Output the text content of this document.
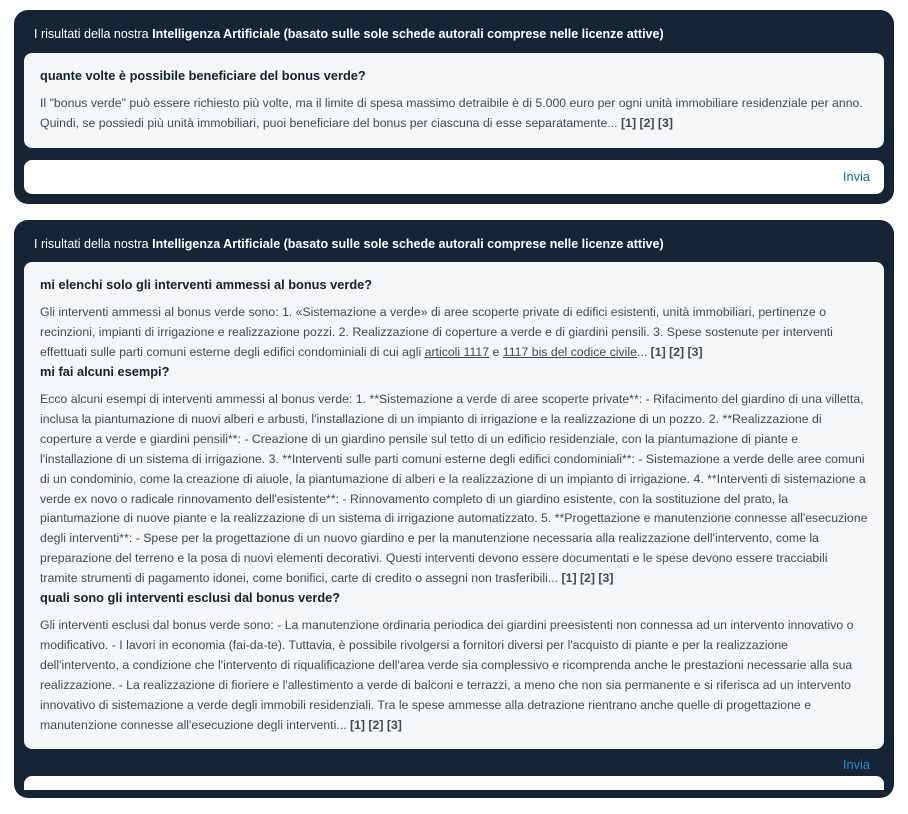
I risultati della nostra Intelligenza Artificiale (basato sulle sole schede autorali comprese nelle licenze attive)

quante volte è possibile beneficiare del bonus verde?

Il "bonus verde" può essere richiesto più volte, ma il limite di spesa massimo detraibile è di 5.000 euro per ogni unità immobiliare residenziale per anno. Quindi, se possiedi più unità immobiliari, puoi beneficiare del bonus per ciascuna di esse separatamente... [1] [2] [3]

Invia
I risultati della nostra Intelligenza Artificiale (basato sulle sole schede autorali comprese nelle licenze attive)

mi elenchi solo gli interventi ammessi al bonus verde?

Gli interventi ammessi al bonus verde sono: 1. «Sistemazione a verde» di aree scoperte private di edifici esistenti, unità immobiliari, pertinenze o recinzioni, impianti di irrigazione e realizzazione pozzi. 2. Realizzazione di coperture a verde e di giardini pensili. 3. Spese sostenute per interventi effettuati sulle parti comuni esterne degli edifici condominiali di cui agli articoli 1117 e 1117 bis del codice civile... [1] [2] [3]

mi fai alcuni esempi?

Ecco alcuni esempi di interventi ammessi al bonus verde: 1. **Sistemazione a verde di aree scoperte private**: - Rifacimento del giardino di una villetta, inclusa la piantumazione di nuovi alberi e arbusti, l'installazione di un impianto di irrigazione e la realizzazione di un pozzo. 2. **Realizzazione di coperture a verde e giardini pensili**: - Creazione di un giardino pensile sul tetto di un edificio residenziale, con la piantumazione di piante e l'installazione di un sistema di irrigazione. 3. **Interventi sulle parti comuni esterne degli edifici condominiali**: - Sistemazione a verde delle aree comuni di un condominio, come la creazione di aiuole, la piantumazione di alberi e la realizzazione di un impianto di irrigazione. 4. **Interventi di sistemazione a verde ex novo o radicale rinnovamento dell'esistente**: - Rinnovamento completo di un giardino esistente, con la sostituzione del prato, la piantumazione di nuove piante e la realizzazione di un sistema di irrigazione automatizzato. 5. **Progettazione e manutenzione connesse all'esecuzione degli interventi**: - Spese per la progettazione di un nuovo giardino e per la manutenzione necessaria alla realizzazione dell'intervento, come la preparazione del terreno e la posa di nuovi elementi decorativi. Questi interventi devono essere documentati e le spese devono essere tracciabili tramite strumenti di pagamento idonei, come bonifici, carte di credito o assegni non trasferibili... [1] [2] [3]

quali sono gli interventi esclusi dal bonus verde?

Gli interventi esclusi dal bonus verde sono: - La manutenzione ordinaria periodica dei giardini preesistenti non connessa ad un intervento innovativo o modificativo. - I lavori in economia (fai-da-te). Tuttavia, è possibile rivolgersi a fornitori diversi per l'acquisto di piante e per la realizzazione dell'intervento, a condizione che l'intervento di riqualificazione dell'area verde sia complessivo e ricomprenda anche le prestazioni necessarie alla sua realizzazione. - La realizzazione di fioriere e l'allestimento a verde di balconi e terrazzi, a meno che non sia permanente e si riferisca ad un intervento innovativo di sistemazione a verde degli immobili residenziali. Tra le spese ammesse alla detrazione rientrano anche quelle di progettazione e manutenzione connesse all'esecuzione degli interventi... [1] [2] [3]

Invia
